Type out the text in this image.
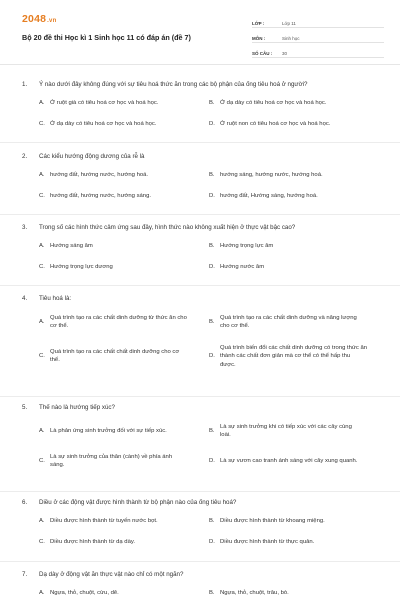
2048.vn
Bộ 20 đề thi Học kì 1 Sinh học 11 có đáp án (đề 7)
LỚP :	Lớp 11
MÔN :	Sinh học
SỐ CÂU :	30
1.	Ý nào dưới đây không đúng với sự tiêu hoá thức ăn trong các bộ phận của ống tiêu hoá ở người?
A. Ở ruột già có tiêu hoá cơ học và hoá học.	B. Ở dạ dày có tiêu hoá cơ học và hoá học.
C. Ở dạ dày có tiêu hoá cơ học và hoá học.	D. Ở ruột non có tiêu hoá cơ học và hoá học.
2.	Các kiểu hướng động dương của rễ là
A. hướng đất, hướng nước, hướng hoá.	B. hướng sáng, hướng nước, hướng hoá.
C. hướng đất, hướng nước, hướng sáng.	D. hướng đất, Hướng sáng, hướng hoá.
3.	Trong số các hình thức cảm ứng sau đây, hình thức nào không xuất hiện ở thực vật bậc cao?
A. Hướng sáng âm	B. Hướng trọng lực âm
C. Hướng trọng lực dương	D. Hướng nước âm
4.	Tiêu hoá là:
A.
Quá trình tạo ra các chất dinh dưỡng từ thức ăn cho cơ thể.
B.
Quá trình tạo ra các chất dinh dưỡng và năng lượng cho cơ thể.
C.
Quá trình tạo ra các chất chất dinh dưỡng cho cơ thể.
D.
Quá trình biến đổi các chất dinh dưỡng có trong thức ăn thành các chất đơn giản mà cơ thể có thể hấp thu được.
5.	Thế nào là hướng tiếp xúc?
A. Là phản ứng sinh trưởng đối với sự tiếp xúc.	B.
Là sự sinh trưởng khi có tiếp xúc với các cây cùng loài.
C.
Là sự sinh trưởng của thân (cành) về phía ánh sáng.
D. Là sự vươn cao tranh ánh sáng với cây xung quanh.
6.	Diều ở các động vật được hình thành từ bộ phận nào của ống tiêu hoá?
A. Diều được hình thành từ tuyến nước bọt.	B. Diều được hình thành từ khoang miệng.
C. Diều được hình thành từ dạ dày.	D. Diều được hình thành từ thực quản.
7.	Dạ dày ở động vật ăn thực vật nào chỉ có một ngăn?
A. Ngựa, thỏ, chuột, cừu, dê.	B. Ngựa, thỏ, chuột, trâu, bò.
